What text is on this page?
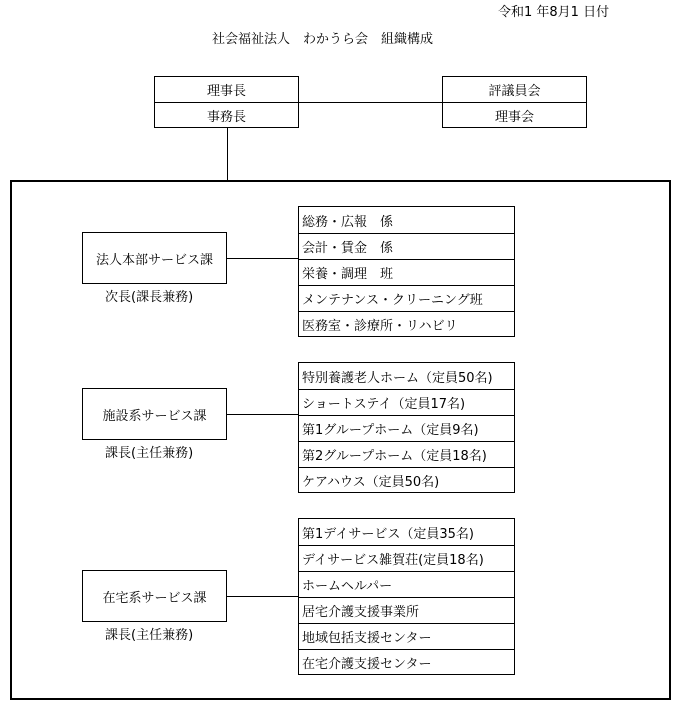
令和1 年8月1 日付
社会福祉法人　わかうら会　組織構成
理事長
事務長
評議員会
理事会
法人本部サービス課
次長(課長兼務)
総務・広報　係
会計・賃金　係
栄養・調理　班
メンテナンス・クリーニング班
医務室・診療所・リハビリ
施設系サービス課
課長(主任兼務)
特別養護老人ホーム（定員50名)
ショートステイ（定員17名)
第1グループホーム（定員9名)
第2グループホーム（定員18名)
ケアハウス（定員50名)
在宅系サービス課
課長(主任兼務)
第1デイサービス（定員35名)
デイサービス雑賀荘(定員18名)
ホームヘルパー
居宅介護支援事業所
地域包括支援センター
在宅介護支援センター
